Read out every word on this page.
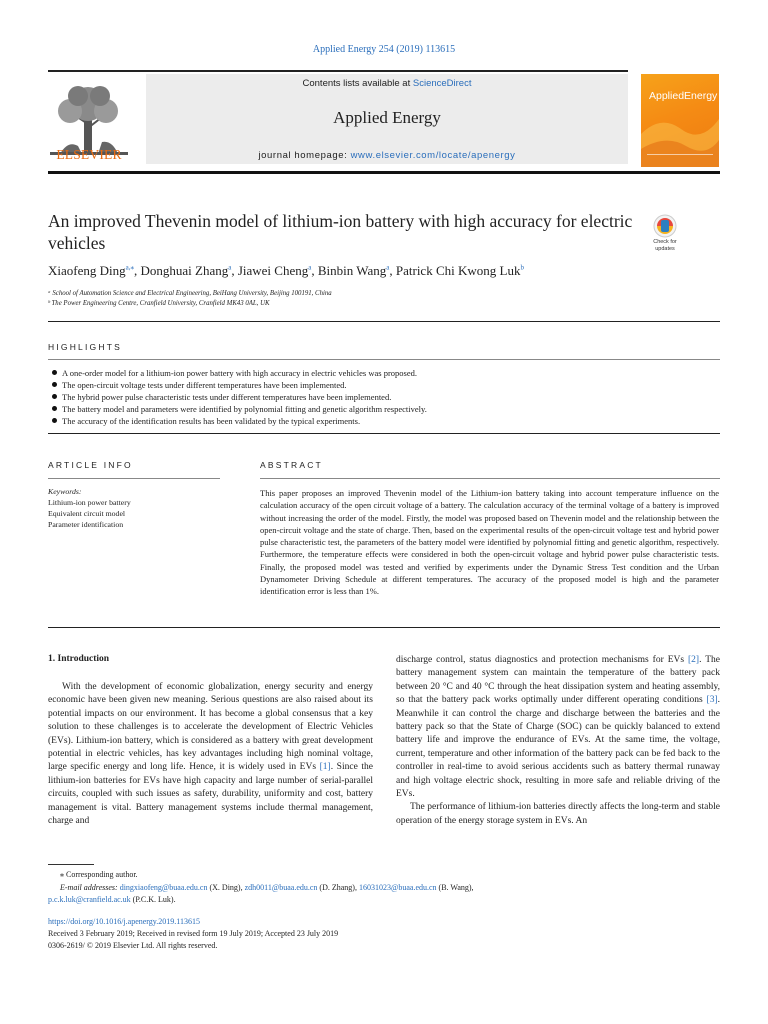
Applied Energy 254 (2019) 113615
ELSEVIER
Contents lists available at ScienceDirect
Applied Energy
journal homepage: www.elsevier.com/locate/apenergy
AppliedEnergy
An improved Thevenin model of lithium-ion battery with high accuracy for electric vehicles	Check for
updates
Xiaofeng Ding$^{a,⁎}$, Donghuai Zhang$^a$, Jiawei Cheng$^a$, Binbin Wang$^a$, Patrick Chi Kwong Luk$^b$
ᵃ School of Automation Science and Electrical Engineering, BeiHang University, Beijing 100191, China
ᵇ The Power Engineering Centre, Cranfield University, Cranfield MK43 0AL, UK
HIGHLIGHTS
A one-order model for a lithium-ion power battery with high accuracy in electric vehicles was proposed.
The open-circuit voltage tests under different temperatures have been implemented.
The hybrid power pulse characteristic tests under different temperatures have been implemented.
The battery model and parameters were identified by polynomial fitting and genetic algorithm respectively.
The accuracy of the identification results has been validated by the typical experiments.
ARTICLE INFO
Keywords:
Lithium-ion power battery
Equivalent circuit model
Parameter identification
ABSTRACT
This paper proposes an improved Thevenin model of the Lithium-ion battery taking into account temperature influence on the calculation accuracy of the open circuit voltage of a battery. The calculation accuracy of the terminal voltage of a battery is improved without increasing the order of the model. Firstly, the model was proposed based on Thevenin model and the relationship between the open-circuit voltage and the state of charge. Then, based on the experimental results of the open-circuit voltage test and hybrid power pulse characteristic test, the parameters of the battery model were identified by polynomial fitting and genetic algorithm, respectively. Furthermore, the temperature effects were considered in both the open-circuit voltage and hybrid power pulse characteristic tests. Finally, the proposed model was tested and verified by experiments under the Dynamic Stress Test condition and the Urban Dynamometer Driving Schedule at different temperatures. The accuracy of the proposed model is high and the parameter identification error is less than 1%.
1. Introduction

With the development of economic globalization, energy security and energy economic have been given new meaning. Serious questions are also raised about its potential impacts on our environment. It has become a global consensus that a key solution to these challenges is to accelerate the development of Electric Vehicles (EVs). Lithium-ion battery, which is considered as a battery with great development potential in electric vehicles, has key advantages including high nominal voltage, large specific energy and long life. Hence, it is widely used in EVs [1]. Since the lithium-ion batteries for EVs have high capacity and large number of serial-parallel circuits, coupled with such issues as safety, durability, uniformity and cost, battery management is vital. Battery management systems include thermal management, charge and

discharge control, status diagnostics and protection mechanisms for EVs [2]. The battery management system can maintain the temperature of the battery pack between 20 °C and 40 °C through the heat dissipation system and heating assembly, so that the battery pack works optimally under different operating conditions [3]. Meanwhile it can control the charge and discharge between the batteries and the battery pack so that the State of Charge (SOC) can be quickly balanced to extend battery life and improve the endurance of EVs. At the same time, the voltage, current, temperature and other information of the battery pack can be fed back to the controller in real-time to avoid serious accidents such as battery thermal runaway and high voltage electric shock, resulting in more safe and reliable driving of the EVs.

The performance of lithium-ion batteries directly affects the long-term and stable operation of the energy storage system in EVs. An

⁎ Corresponding author.
E-mail addresses: dingxiaofeng@buaa.edu.cn (X. Ding), zdh0011@buaa.edu.cn (D. Zhang), 16031023@buaa.edu.cn (B. Wang),
p.c.k.luk@cranfield.ac.uk (P.C.K. Luk).
https://doi.org/10.1016/j.apenergy.2019.113615
Received 3 February 2019; Received in revised form 19 July 2019; Accepted 23 July 2019
0306-2619/ © 2019 Elsevier Ltd. All rights reserved.
